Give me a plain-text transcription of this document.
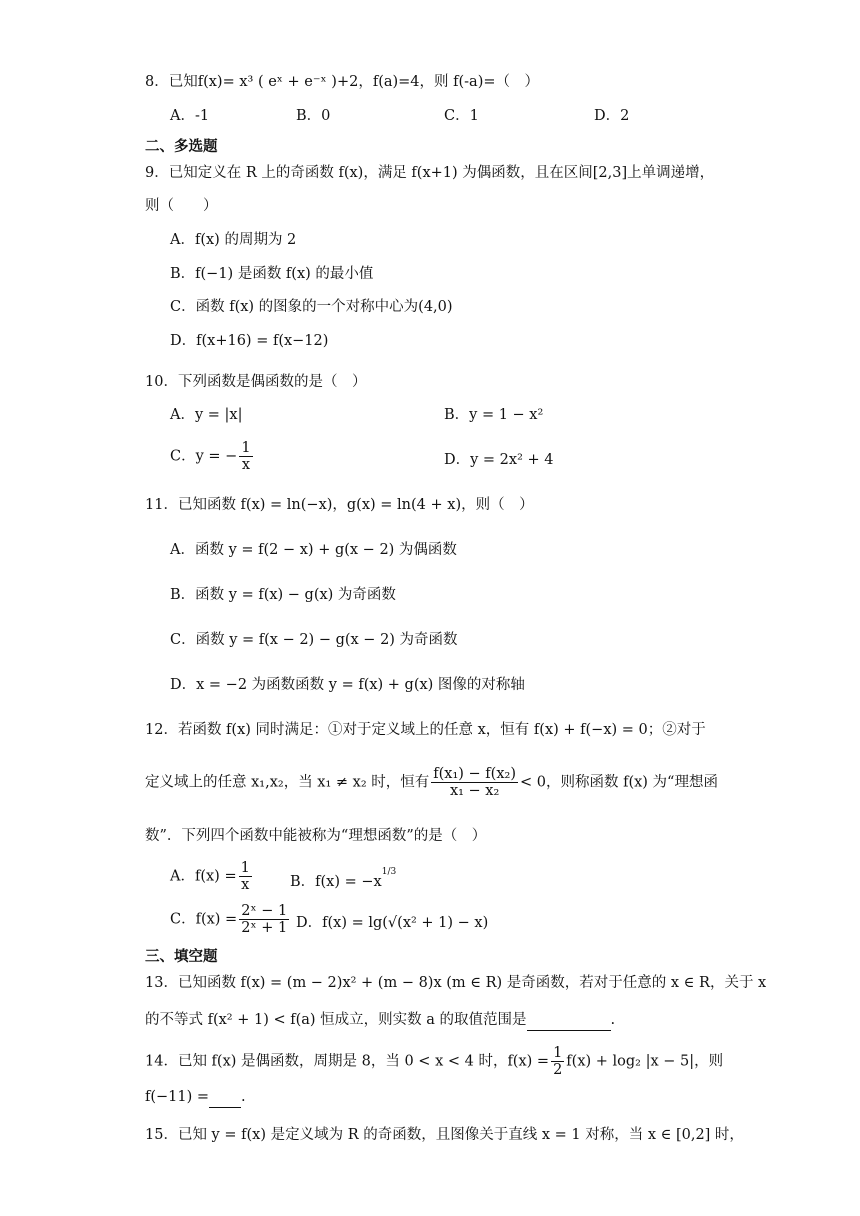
8．已知f(x)= x³ ( eˣ + e⁻ˣ )+2，f(a)=4，则 f(-a)=（　）
A．-1	B．0	C．1	D．2
二、多选题
9．已知定义在 R 上的奇函数 f(x)，满足 f(x+1) 为偶函数，且在区间[2,3]上单调递增，
则（　　）
A．f(x) 的周期为 2
B．f(−1) 是函数 f(x) 的最小值
C．函数 f(x) 的图象的一个对称中心为(4,0)
D．f(x+16) = f(x−12)
10．下列函数是偶函数的是（　）
A．y = |x|	B．y = 1 − x²
C．y = − $\frac{1}{x}$	D．y = 2x² + 4
11．已知函数 f(x) = ln(−x)，g(x) = ln(4 + x)，则（　）
A．函数 y = f(2 − x) + g(x − 2) 为偶函数
B．函数 y = f(x) − g(x) 为奇函数
C．函数 y = f(x − 2) − g(x − 2) 为奇函数
D．x = −2 为函数函数 y = f(x) + g(x) 图像的对称轴
12．若函数 f(x) 同时满足：①对于定义域上的任意 x，恒有 f(x) + f(−x) = 0；②对于
定义域上的任意 x₁,x₂，当 x₁ ≠ x₂ 时，恒有 $\frac{\text{f(x₁) − f(x₂)}}{\text{x₁ − x₂}} < 0$，则称函数 f(x) 为“理想函
数”．下列四个函数中能被称为“理想函数”的是（　）
A．$f(x) = \frac{1}{x}$	B．$f(x) = -x^{1/3}$
C．$f(x) = \frac{\text{2ˣ − 1}}{\text{2ˣ + 1}}$ D．f(x) = lg(√(x² + 1) − x)
三、填空题
13．已知函数 f(x) = (m − 2)x² + (m − 8)x (m ∈ R) 是奇函数，若对于任意的 x ∈ R，关于 x
的不等式 f(x² + 1) < f(a) 恒成立，则实数 a 的取值范围是	.
14．已知 f(x) 是偶函数，周期是 8，当 0 < x < 4 时，$f(x) = \frac{1}{2} f(x) + \log_2$ |x − 5|，则
f(−11) = .
15．已知 y = f(x) 是定义域为 R 的奇函数，且图像关于直线 x = 1 对称，当 x ∈ [0,2] 时，
